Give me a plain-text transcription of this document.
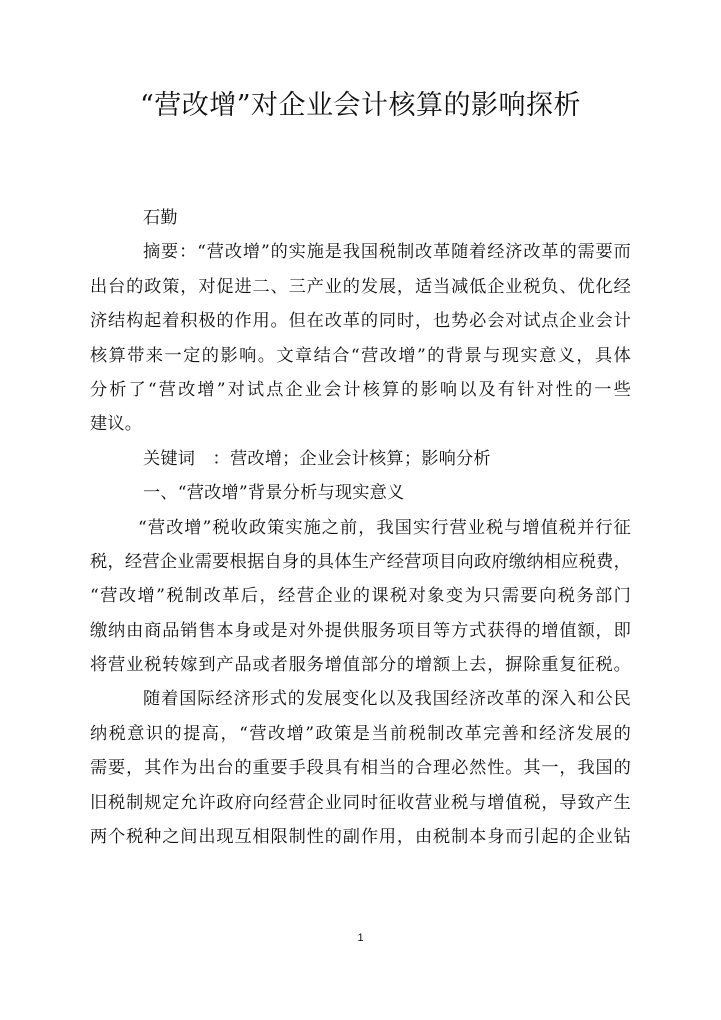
“营改增”对企业会计核算的影响探析
石勤
摘要：“营改增”的实施是我国税制改革随着经济改革的需要而
出台的政策，对促进二、三产业的发展，适当减低企业税负、优化经
济结构起着积极的作用。但在改革的同时，也势必会对试点企业会计
核算带来一定的影响。文章结合“营改增”的背景与现实意义，具体
分析了“营改增”对试点企业会计核算的影响以及有针对性的一些
建议。
关键词　：营改增；企业会计核算；影响分析
一、“营改增”背景分析与现实意义
“营改增”税收政策实施之前，我国实行营业税与增值税并行征
税，经营企业需要根据自身的具体生产经营项目向政府缴纳相应税费，
“营改增”税制改革后，经营企业的课税对象变为只需要向税务部门
缴纳由商品销售本身或是对外提供服务项目等方式获得的增值额，即
将营业税转嫁到产品或者服务增值部分的增额上去，摒除重复征税。
随着国际经济形式的发展变化以及我国经济改革的深入和公民
纳税意识的提高，“营改增”政策是当前税制改革完善和经济发展的
需要，其作为出台的重要手段具有相当的合理必然性。其一，我国的
旧税制规定允许政府向经营企业同时征收营业税与增值税，导致产生
两个税种之间出现互相限制性的副作用，由税制本身而引起的企业钻
1
